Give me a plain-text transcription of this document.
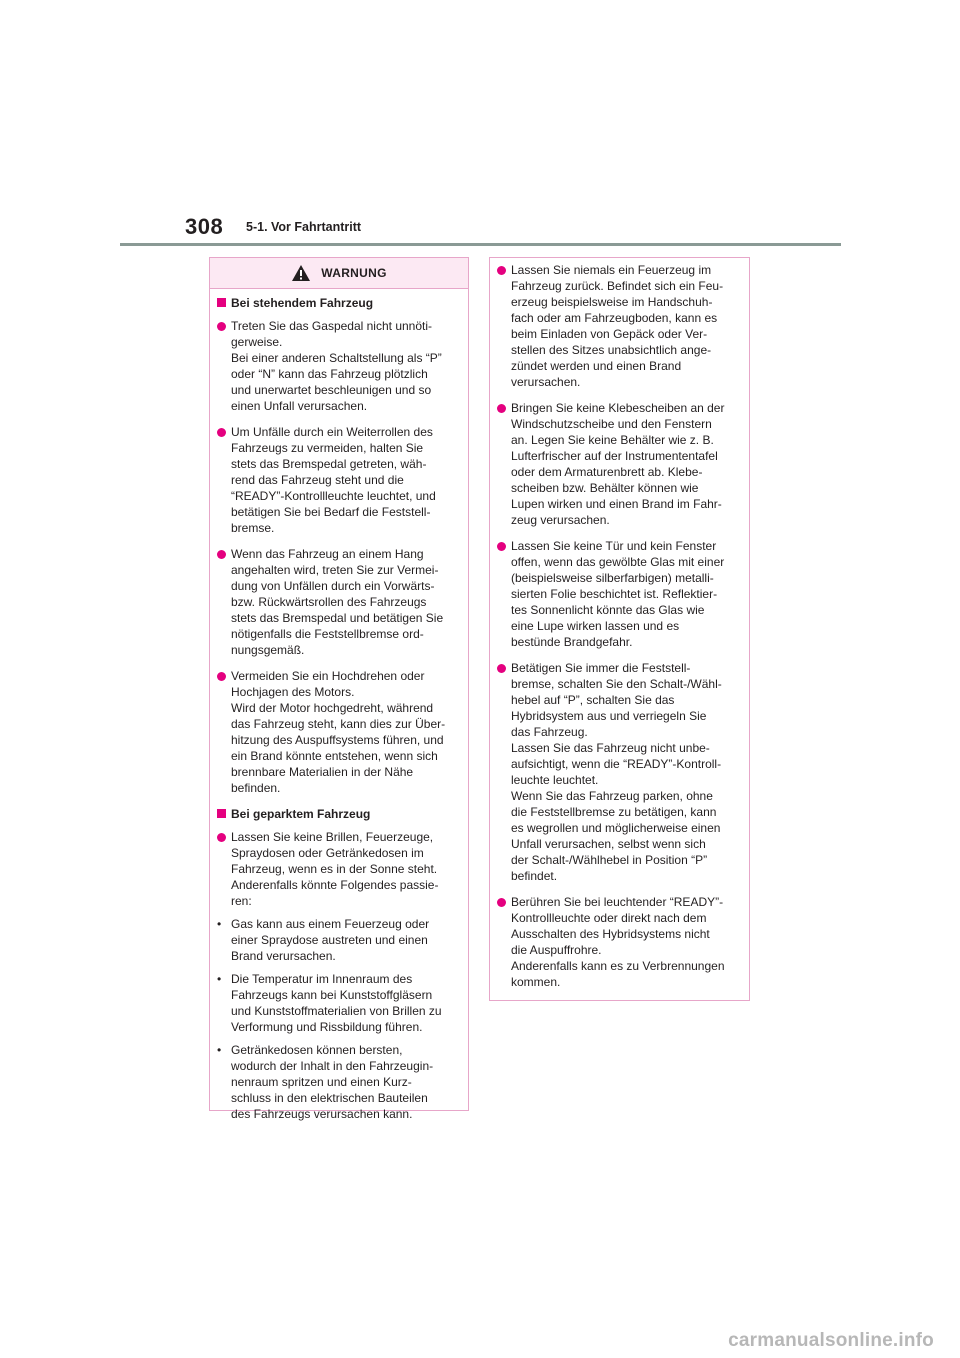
308 5-1. Vor Fahrtantritt
WARNUNG
Bei stehendem Fahrzeug
Treten Sie das Gaspedal nicht unnöti-
gerweise.
Bei einer anderen Schaltstellung als “P”
oder “N” kann das Fahrzeug plötzlich
und unerwartet beschleunigen und so
einen Unfall verursachen.
Um Unfälle durch ein Weiterrollen des
Fahrzeugs zu vermeiden, halten Sie
stets das Bremspedal getreten, wäh-
rend das Fahrzeug steht und die
“READY”-Kontrollleuchte leuchtet, und
betätigen Sie bei Bedarf die Feststell-
bremse.
Wenn das Fahrzeug an einem Hang
angehalten wird, treten Sie zur Vermei-
dung von Unfällen durch ein Vorwärts-
bzw. Rückwärtsrollen des Fahrzeugs
stets das Bremspedal und betätigen Sie
nötigenfalls die Feststellbremse ord-
nungsgemäß.
Vermeiden Sie ein Hochdrehen oder
Hochjagen des Motors.
Wird der Motor hochgedreht, während
das Fahrzeug steht, kann dies zur Über-
hitzung des Auspuffsystems führen, und
ein Brand könnte entstehen, wenn sich
brennbare Materialien in der Nähe
befinden.
Bei geparktem Fahrzeug
Lassen Sie keine Brillen, Feuerzeuge,
Spraydosen oder Getränkedosen im
Fahrzeug, wenn es in der Sonne steht.
Anderenfalls könnte Folgendes passie-
ren:
• Gas kann aus einem Feuerzeug oder
einer Spraydose austreten und einen
Brand verursachen.
• Die Temperatur im Innenraum des
Fahrzeugs kann bei Kunststoffgläsern
und Kunststoffmaterialien von Brillen zu
Verformung und Rissbildung führen.
• Getränkedosen können bersten,
wodurch der Inhalt in den Fahrzeugin-
nenraum spritzen und einen Kurz-
schluss in den elektrischen Bauteilen
des Fahrzeugs verursachen kann.
Lassen Sie niemals ein Feuerzeug im
Fahrzeug zurück. Befindet sich ein Feu-
erzeug beispielsweise im Handschuh-
fach oder am Fahrzeugboden, kann es
beim Einladen von Gepäck oder Ver-
stellen des Sitzes unabsichtlich ange-
zündet werden und einen Brand
verursachen.
Bringen Sie keine Klebescheiben an der
Windschutzscheibe und den Fenstern
an. Legen Sie keine Behälter wie z. B.
Lufterfrischer auf der Instrumententafel
oder dem Armaturenbrett ab. Klebe-
scheiben bzw. Behälter können wie
Lupen wirken und einen Brand im Fahr-
zeug verursachen.
Lassen Sie keine Tür und kein Fenster
offen, wenn das gewölbte Glas mit einer
(beispielsweise silberfarbigen) metalli-
sierten Folie beschichtet ist. Reflektier-
tes Sonnenlicht könnte das Glas wie
eine Lupe wirken lassen und es
bestünde Brandgefahr.
Betätigen Sie immer die Feststell-
bremse, schalten Sie den Schalt-/Wähl-
hebel auf “P”, schalten Sie das
Hybridsystem aus und verriegeln Sie
das Fahrzeug.
Lassen Sie das Fahrzeug nicht unbe-
aufsichtigt, wenn die “READY”-Kontroll-
leuchte leuchtet.
Wenn Sie das Fahrzeug parken, ohne
die Feststellbremse zu betätigen, kann
es wegrollen und möglicherweise einen
Unfall verursachen, selbst wenn sich
der Schalt-/Wählhebel in Position “P”
befindet.
Berühren Sie bei leuchtender “READY”-
Kontrollleuchte oder direkt nach dem
Ausschalten des Hybridsystems nicht
die Auspuffrohre.
Anderenfalls kann es zu Verbrennungen
kommen.
carmanualsonline.info
